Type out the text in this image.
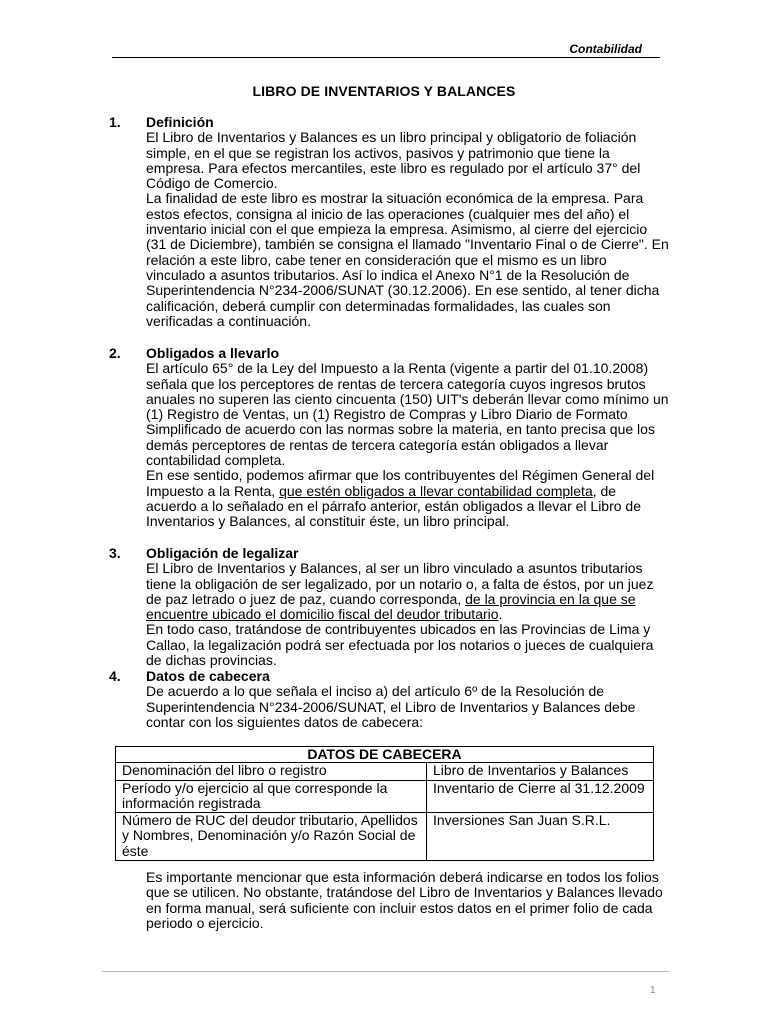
Contabilidad
LIBRO DE INVENTARIOS Y BALANCES
1. Definición

El Libro de Inventarios y Balances es un libro principal y obligatorio de foliación simple, en el que se registran los activos, pasivos y patrimonio que tiene la empresa. Para efectos mercantiles, este libro es regulado por el artículo 37° del Código de Comercio.

La finalidad de este libro es mostrar la situación económica de la empresa. Para estos efectos, consigna al inicio de las operaciones (cualquier mes del año) el inventario inicial con el que empieza la empresa. Asimismo, al cierre del ejercicio (31 de Diciembre), también se consigna el llamado "Inventario Final o de Cierre". En relación a este libro, cabe tener en consideración que el mismo es un libro vinculado a asuntos tributarios. Así lo indica el Anexo N°1 de la Resolución de Superintendencia N°234-2006/SUNAT (30.12.2006). En ese sentido, al tener dicha calificación, deberá cumplir con determinadas formalidades, las cuales son verificadas a continuación.

2. Obligados a llevarlo

El artículo 65° de la Ley del Impuesto a la Renta (vigente a partir del 01.10.2008) señala que los perceptores de rentas de tercera categoría cuyos ingresos brutos anuales no superen las ciento cincuenta (150) UIT's deberán llevar como mínimo un (1) Registro de Ventas, un (1) Registro de Compras y Libro Diario de Formato Simplificado de acuerdo con las normas sobre la materia, en tanto precisa que los demás perceptores de rentas de tercera categoría están obligados a llevar contabilidad completa.

En ese sentido, podemos afirmar que los contribuyentes del Régimen General del Impuesto a la Renta, que estén obligados a llevar contabilidad completa, de acuerdo a lo señalado en el párrafo anterior, están obligados a llevar el Libro de Inventarios y Balances, al constituir éste, un libro principal.

3. Obligación de legalizar

El Libro de Inventarios y Balances, al ser un libro vinculado a asuntos tributarios tiene la obligación de ser legalizado, por un notario o, a falta de éstos, por un juez de paz letrado o juez de paz, cuando corresponda, de la provincia en la que se encuentre ubicado el domicilio fiscal del deudor tributario.

En todo caso, tratándose de contribuyentes ubicados en las Provincias de Lima y Callao, la legalización podrá ser efectuada por los notarios o jueces de cualquiera de dichas provincias.

4. Datos de cabecera

De acuerdo a lo que señala el inciso a) del artículo 6º de la Resolución de Superintendencia N°234-2006/SUNAT, el Libro de Inventarios y Balances debe contar con los siguientes datos de cabecera:

DATOS DE CABECERA	
Denominación del libro o registro	Libro de Inventarios y Balances
Período y/o ejercicio al que corresponde la información registrada	Inventario de Cierre al 31.12.2009
Número de RUC del deudor tributario, Apellidos y Nombres, Denominación y/o Razón Social de éste	Inversiones San Juan S.R.L.

Es importante mencionar que esta información deberá indicarse en todos los folios que se utilicen. No obstante, tratándose del Libro de Inventarios y Balances llevado en forma manual, será suficiente con incluir estos datos en el primer folio de cada periodo o ejercicio.

1
